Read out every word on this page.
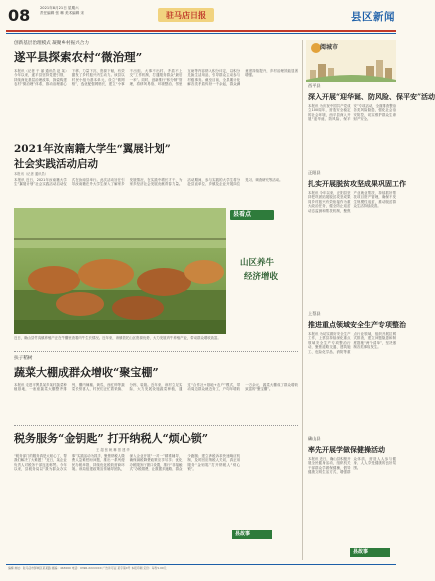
08	2021年8月21日 星期六
责任编辑 张 琳 美术编辑 宋	驻马店日报	县区新闻
创新基层治理模式 凝聚乡村振兴合力
遂平县探索农村“微治理”
本报讯（记者 于 丽 通讯员 赵 某）今年以来，遂平县坚持党建引领，持续深化基层治理改革，探索构建农村“微治理”体系，推动治理重心下移、力量下沉、资源下倾，有效激发了乡村振兴内生动力。该县以村民小组为基本单元，设立“微网格”，选优配强网格长，建立“小事不出组、大事不出村、矛盾不上交”工作机制，打通服务群众“最后一米”。同时，创新推行“积分制”管理，将移风易俗、环境整治、邻里互助等内容纳入积分评定，以积分兑换生活用品，引导群众主动参与村级事务。截至目前，全县累计化解各类矛盾纠纷一千余起，群众满意度持续提升，乡村治理效能显著增强。
2021年汝南籍大学生“翼展计划”
社会实践活动启动
本报讯（记者 通讯员）
本报讯 近日，2021年汝南籍大学生“翼展计划”社会实践活动启动仪式在汝南县举行。此次活动旨在引导汝南籍在外大学生深入了解家乡发展情况，在实践中增长才干，为家乡经济社会发展贡献青春力量。活动期间，参与实践的大学生将分赴县直单位、乡镇及企业开展岗位见习、调查研究等活动。
县看点
山区养牛
经济增收
近日，确山县竹沟镇养殖户正在牛棚里查看肉牛生长情况。近年来，该镇依托山区资源优势，大力发展肉牛养殖产业，带动群众增收致富。
扶子稻树
蔬菜大棚成群众增收“聚宝棚”
本报讯 走进平舆县某乡某村蔬菜种植基地，一座座蔬菜大棚整齐排列，棚内辣椒、黄瓜、西红柿等蔬菜长势喜人，村民们正忙着采摘、分拣、装箱。近年来，该村立足实际，大力发展设施蔬菜种植，通过“合作社+基地+农户”模式，带动周边群众就近务工，户均年增收一万余元，蔬菜大棚成了群众增收致富的“聚宝棚”。
税务服务“金钥匙” 打开纳税人“烦心锁”
王 超 张 帆 琳 蔡 建 华
“税务部门的服务真是太贴心了，帮我们解决了大难题！”近日，某企业负责人对税务干部连连称赞。今年以来，县税务局以“我为群众办实事”实践活动为抓手，聚焦纳税人缴费人急难愁盼问题，推出一系列便民办税举措，持续优化税收营商环境。该局组建政策宣传辅导团队，深入企业开展“一对一”精准辅导，确保减税降费政策应享尽享；优化办税服务厅窗口设置，推行“非接触式”办税缴费，让数据多跑路、群众少跑腿；建立涉税诉求快速响应机制，及时回应纳税人关切，真正用服务“金钥匙”打开纳税人“烦心锁”。
县故事
阅城市
西平县
深入开展“迎华诞、防风险、保平安”活动
本报讯 为庆祝中国共产党成立100周年，营造安全稳定的社会环境，西平县深入开展“迎华诞、防风险、保平安”专项活动，全面排查整治各类风险隐患，强化社会治安防控，切实维护群众生命财产安全。
正阳县
扎实开展脱贫攻坚成果巩固工作
本报讯 今年以来，正阳县坚持把巩固拓展脱贫攻坚成果同乡村振兴有效衔接作为重大政治任务，健全防止返贫动态监测和帮扶机制，聚焦产业就业帮扶，持续抓好帮扶项目资产管理，确保不发生规模性返贫，推动脱贫群众生活持续改善。
上蔡县
推进重点领域安全生产专项整治
本报讯 为切实做好安全生产工作，上蔡县持续深化重点领域安全生产专项整治行动，聚焦道路交通、建筑施工、危险化学品、消防等重点行业领域，组织开展拉网式排查，建立问题隐患和制度措施“两个清单”，坚决遏制各类事故发生。
确山县
率先开展学做保健操活动
本报讯 近日，确山县积极开展全民健身活动，组织机关干部群众学做保健操，倡导健康文明生活方式，增强群众体质，营造人人参与健身、人人享受健康的良好氛围。
县故事
编辑 地址：驻马店市驿城区某某路 邮编：463000 电话：0396-XXXXXXX 广告许可证 某字第X号 本报印刷 定价：每份1.00元
